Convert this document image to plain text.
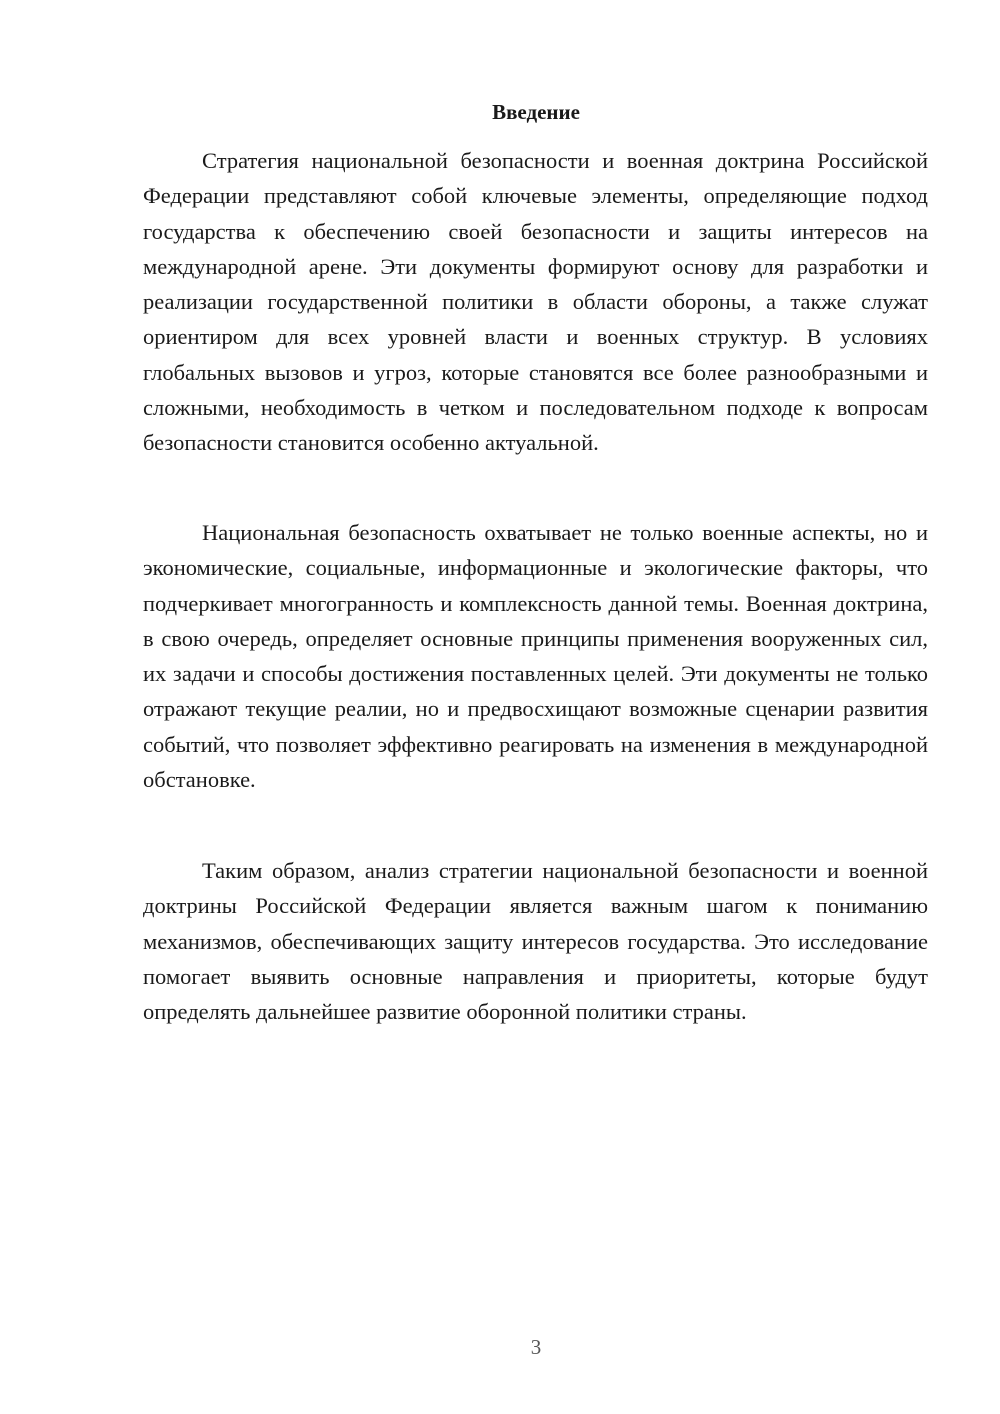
Введение

Стратегия национальной безопасности и военная доктрина Российской Федерации представляют собой ключевые элементы, определяющие подход государства к обеспечению своей безопасности и защиты интересов на международной арене. Эти документы формируют основу для разработки и реализации государственной политики в области обороны, а также служат ориентиром для всех уровней власти и военных структур. В условиях глобальных вызовов и угроз, которые становятся все более разнообразными и сложными, необходимость в четком и последовательном подходе к вопросам безопасности становится особенно актуальной.

Национальная безопасность охватывает не только военные аспекты, но и экономические, социальные, информационные и экологические факторы, что подчеркивает многогранность и комплексность данной темы. Военная доктрина, в свою очередь, определяет основные принципы применения вооруженных сил, их задачи и способы достижения поставленных целей. Эти документы не только отражают текущие реалии, но и предвосхищают возможные сценарии развития событий, что позволяет эффективно реагировать на изменения в международной обстановке.

Таким образом, анализ стратегии национальной безопасности и военной доктрины Российской Федерации является важным шагом к пониманию механизмов, обеспечивающих защиту интересов государства. Это исследование помогает выявить основные направления и приоритеты, которые будут определять дальнейшее развитие оборонной политики страны.

3
